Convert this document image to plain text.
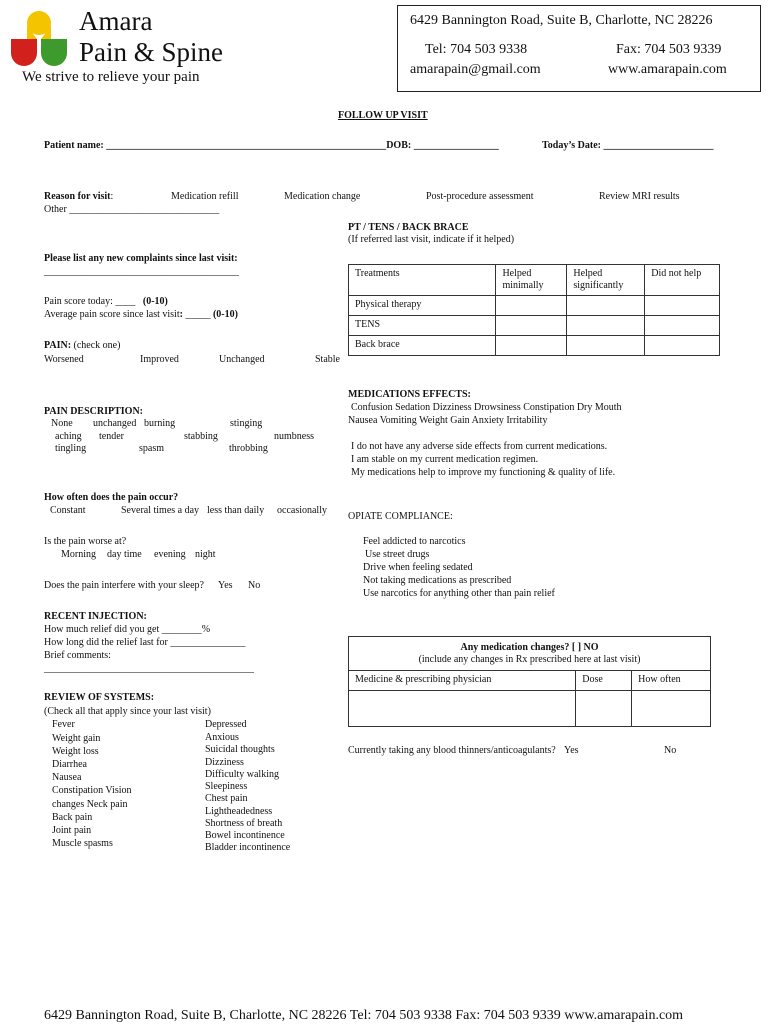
Amara
Pain & Spine
We strive to relieve your pain
6429 Bannington Road, Suite B, Charlotte, NC 28226
Tel: 704 503 9338	Fax: 704 503 9339
amarapain@gmail.com	www.amarapain.com
FOLLOW UP VISIT
Patient name: ________________________________________________________DOB: _________________	Today’s Date: ______________________
Reason for visit:	Medication refill	Medication change	Post-procedure assessment	Review MRI results
Other ______________________________
PT / TENS / BACK BRACE
(If referred last visit, indicate if it helped)
Treatments	Helped minimally	Helped significantly	Did not help
Physical therapy			
TENS			
Back brace			
Please list any new complaints since last visit:
_______________________________________
Pain score today: ____ (0-10)
Average pain score since last visit: _____ (0-10)
PAIN: (check one)
Worsened	Improved	Unchanged	Stable
MEDICATIONS EFFECTS:
Confusion Sedation Dizziness Drowsiness Constipation Dry Mouth
Nausea Vomiting Weight Gain Anxiety Irritability
I do not have any adverse side effects from current medications.
I am stable on my current medication regimen.
My medications help to improve my functioning & quality of life.
PAIN DESCRIPTION:
None unchanged burning	stinging
aching tender	stabbing	numbness
tingling	spasm	throbbing
How often does the pain occur?
Constant	Several times a day less than daily occasionally
OPIATE COMPLIANCE:
Feel addicted to narcotics
Use street drugs
Drive when feeling sedated
Not taking medications as prescribed
Use narcotics for anything other than pain relief
Is the pain worse at?
Morning day time evening night
Does the pain interfere with your sleep? Yes No
RECENT INJECTION:
How much relief did you get ________%
How long did the relief last for _______________
Brief comments:
__________________________________________
Any medication changes? [ ] NO
(include any changes in Rx prescribed here at last visit)		

Medicine & prescribing physician	Dose	How often

Currently taking any blood thinners/anticoagulants? Yes	No
REVIEW OF SYSTEMS:
(Check all that apply since your last visit)
Fever
Weight gain
Weight loss
Diarrhea
Nausea
Constipation Vision
changes Neck pain
Back pain
Joint pain
Muscle spasms
Depressed
Anxious
Suicidal thoughts
Dizziness
Difficulty walking
Sleepiness
Chest pain
Lightheadedness
Shortness of breath
Bowel incontinence
Bladder incontinence
6429 Bannington Road, Suite B, Charlotte, NC 28226 Tel: 704 503 9338 Fax: 704 503 9339 www.amarapain.com
